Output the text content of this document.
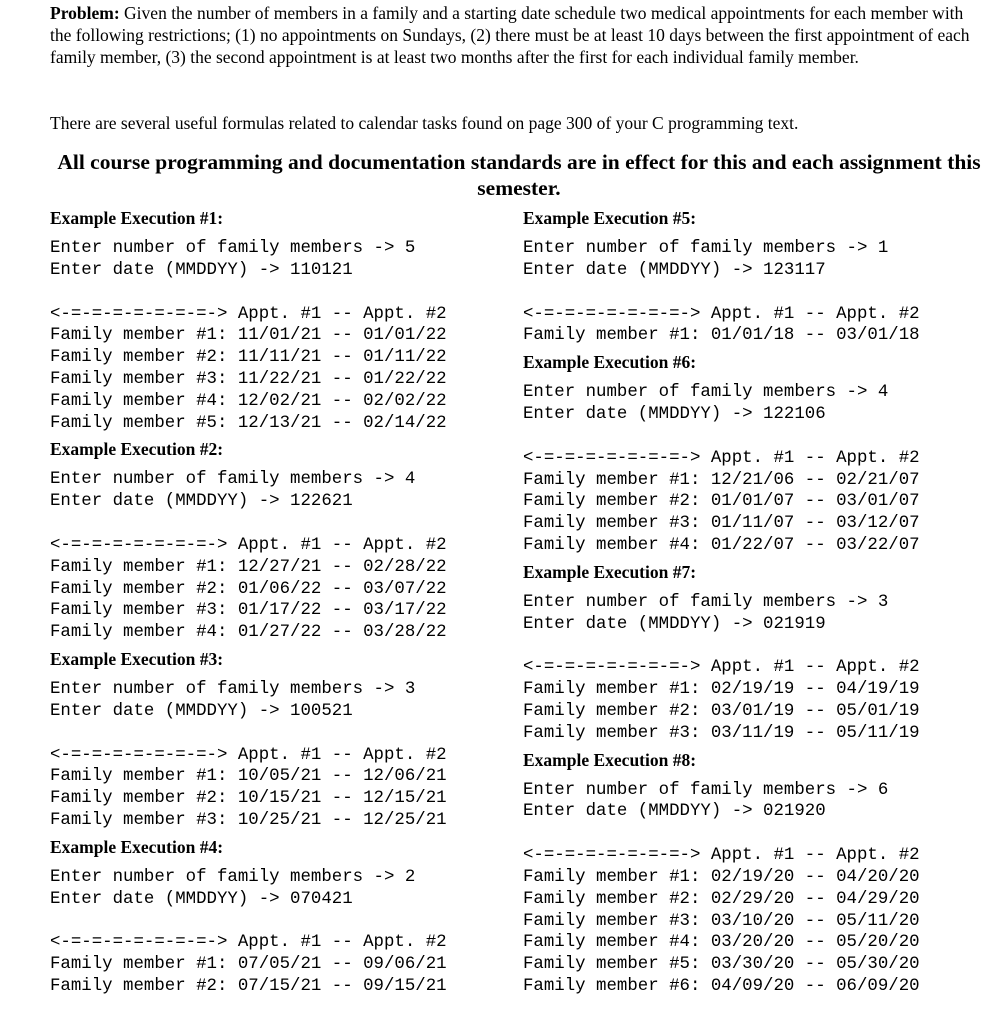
Problem: Given the number of members in a family and a starting date schedule two medical appointments for each member with the following restrictions; (1) no appointments on Sundays, (2) there must be at least 10 days between the first appointment of each family member, (3) the second appointment is at least two months after the first for each individual family member.

There are several useful formulas related to calendar tasks found on page 300 of your C programming text.

All course programming and documentation standards are in effect for this and each assignment this semester.

Example Execution #1:
Enter number of family members -> 5
Enter date (MMDDYY) -> 110121
<-=-=-=-=-=-=-=-> Appt. #1 -- Appt. #2
Family member #1: 11/01/21 -- 01/01/22
Family member #2: 11/11/21 -- 01/11/22
Family member #3: 11/22/21 -- 01/22/22
Family member #4: 12/02/21 -- 02/02/22
Family member #5: 12/13/21 -- 02/14/22
Example Execution #2:
Enter number of family members -> 4
Enter date (MMDDYY) -> 122621
<-=-=-=-=-=-=-=-> Appt. #1 -- Appt. #2
Family member #1: 12/27/21 -- 02/28/22
Family member #2: 01/06/22 -- 03/07/22
Family member #3: 01/17/22 -- 03/17/22
Family member #4: 01/27/22 -- 03/28/22
Example Execution #3:
Enter number of family members -> 3
Enter date (MMDDYY) -> 100521
<-=-=-=-=-=-=-=-> Appt. #1 -- Appt. #2
Family member #1: 10/05/21 -- 12/06/21
Family member #2: 10/15/21 -- 12/15/21
Family member #3: 10/25/21 -- 12/25/21
Example Execution #4:
Enter number of family members -> 2
Enter date (MMDDYY) -> 070421
<-=-=-=-=-=-=-=-> Appt. #1 -- Appt. #2
Family member #1: 07/05/21 -- 09/06/21
Family member #2: 07/15/21 -- 09/15/21
Example Execution #5:
Enter number of family members -> 1
Enter date (MMDDYY) -> 123117
<-=-=-=-=-=-=-=-> Appt. #1 -- Appt. #2
Family member #1: 01/01/18 -- 03/01/18
Example Execution #6:
Enter number of family members -> 4
Enter date (MMDDYY) -> 122106
<-=-=-=-=-=-=-=-> Appt. #1 -- Appt. #2
Family member #1: 12/21/06 -- 02/21/07
Family member #2: 01/01/07 -- 03/01/07
Family member #3: 01/11/07 -- 03/12/07
Family member #4: 01/22/07 -- 03/22/07
Example Execution #7:
Enter number of family members -> 3
Enter date (MMDDYY) -> 021919
<-=-=-=-=-=-=-=-> Appt. #1 -- Appt. #2
Family member #1: 02/19/19 -- 04/19/19
Family member #2: 03/01/19 -- 05/01/19
Family member #3: 03/11/19 -- 05/11/19
Example Execution #8:
Enter number of family members -> 6
Enter date (MMDDYY) -> 021920
<-=-=-=-=-=-=-=-> Appt. #1 -- Appt. #2
Family member #1: 02/19/20 -- 04/20/20
Family member #2: 02/29/20 -- 04/29/20
Family member #3: 03/10/20 -- 05/11/20
Family member #4: 03/20/20 -- 05/20/20
Family member #5: 03/30/20 -- 05/30/20
Family member #6: 04/09/20 -- 06/09/20
